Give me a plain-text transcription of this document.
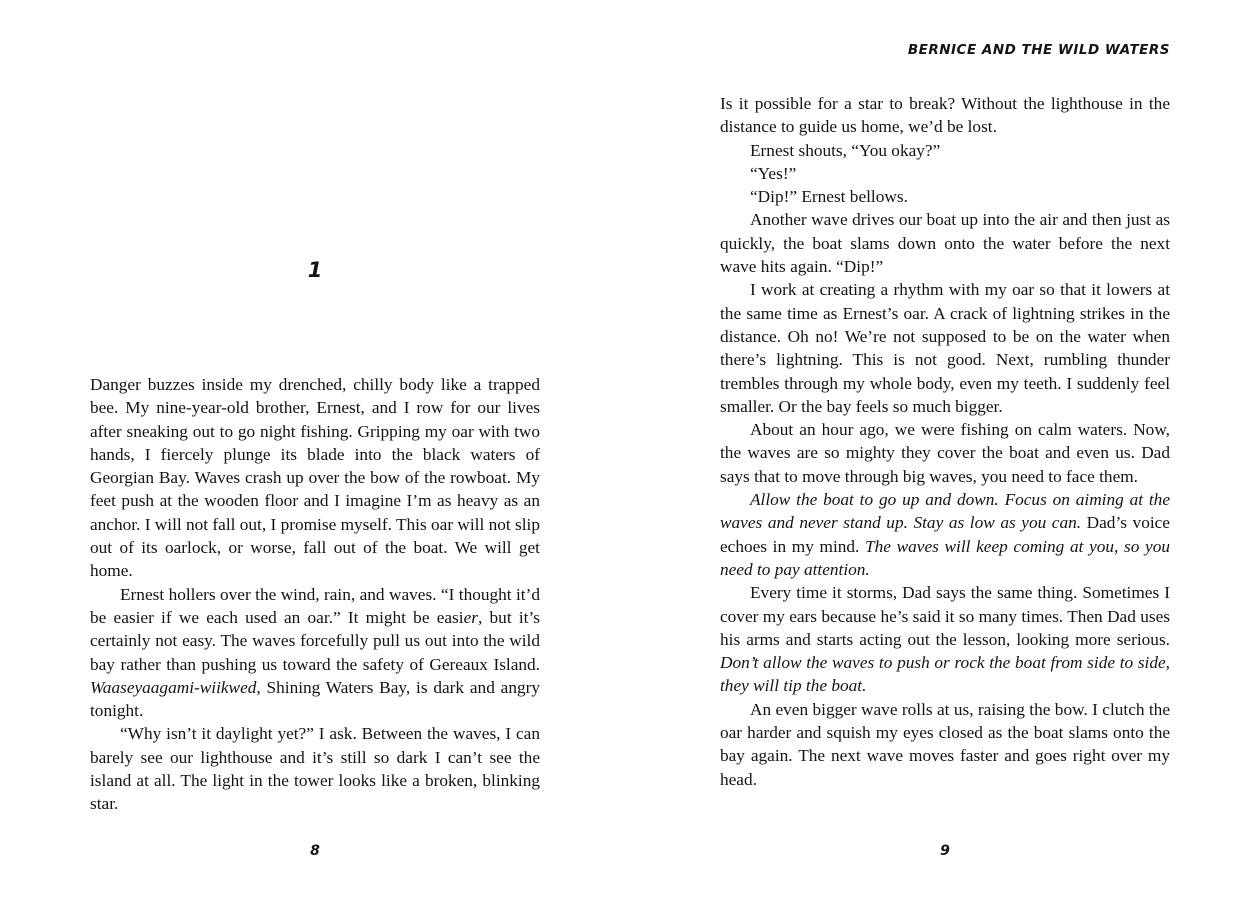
1

Danger buzzes inside my drenched, chilly body like a trapped bee. My nine-year-old brother, Ernest, and I row for our lives after sneaking out to go night fishing. Gripping my oar with two hands, I fiercely plunge its blade into the black waters of Georgian Bay. Waves crash up over the bow of the rowboat. My feet push at the wooden floor and I imagine I’m as heavy as an anchor. I will not fall out, I promise myself. This oar will not slip out of its oarlock, or worse, fall out of the boat. We will get home.

Ernest hollers over the wind, rain, and waves. “I thought it’d be easier if we each used an oar.” It might be easier, but it’s certainly not easy. The waves forcefully pull us out into the wild bay rather than pushing us toward the safety of Gereaux Island. Waaseyaagami-wiikwed, Shining Waters Bay, is dark and angry tonight.

“Why isn’t it daylight yet?” I ask. Between the waves, I can barely see our lighthouse and it’s still so dark I can’t see the island at all. The light in the tower looks like a broken, blinking star.

8
BERNICE AND THE WILD WATERS

Is it possible for a star to break? Without the lighthouse in the distance to guide us home, we’d be lost.

Ernest shouts, “You okay?”

“Yes!”

“Dip!” Ernest bellows.

Another wave drives our boat up into the air and then just as quickly, the boat slams down onto the water before the next wave hits again. “Dip!”

I work at creating a rhythm with my oar so that it lowers at the same time as Ernest’s oar. A crack of lightning strikes in the distance. Oh no! We’re not supposed to be on the water when there’s lightning. This is not good. Next, rumbling thunder trembles through my whole body, even my teeth. I suddenly feel smaller. Or the bay feels so much bigger.

About an hour ago, we were fishing on calm waters. Now, the waves are so mighty they cover the boat and even us. Dad says that to move through big waves, you need to face them.

Allow the boat to go up and down. Focus on aiming at the waves and never stand up. Stay as low as you can. Dad’s voice echoes in my mind. The waves will keep coming at you, so you need to pay attention.

Every time it storms, Dad says the same thing. Sometimes I cover my ears because he’s said it so many times. Then Dad uses his arms and starts acting out the lesson, looking more serious. Don’t allow the waves to push or rock the boat from side to side, they will tip the boat.

An even bigger wave rolls at us, raising the bow. I clutch the oar harder and squish my eyes closed as the boat slams onto the bay again. The next wave moves faster and goes right over my head.

9
